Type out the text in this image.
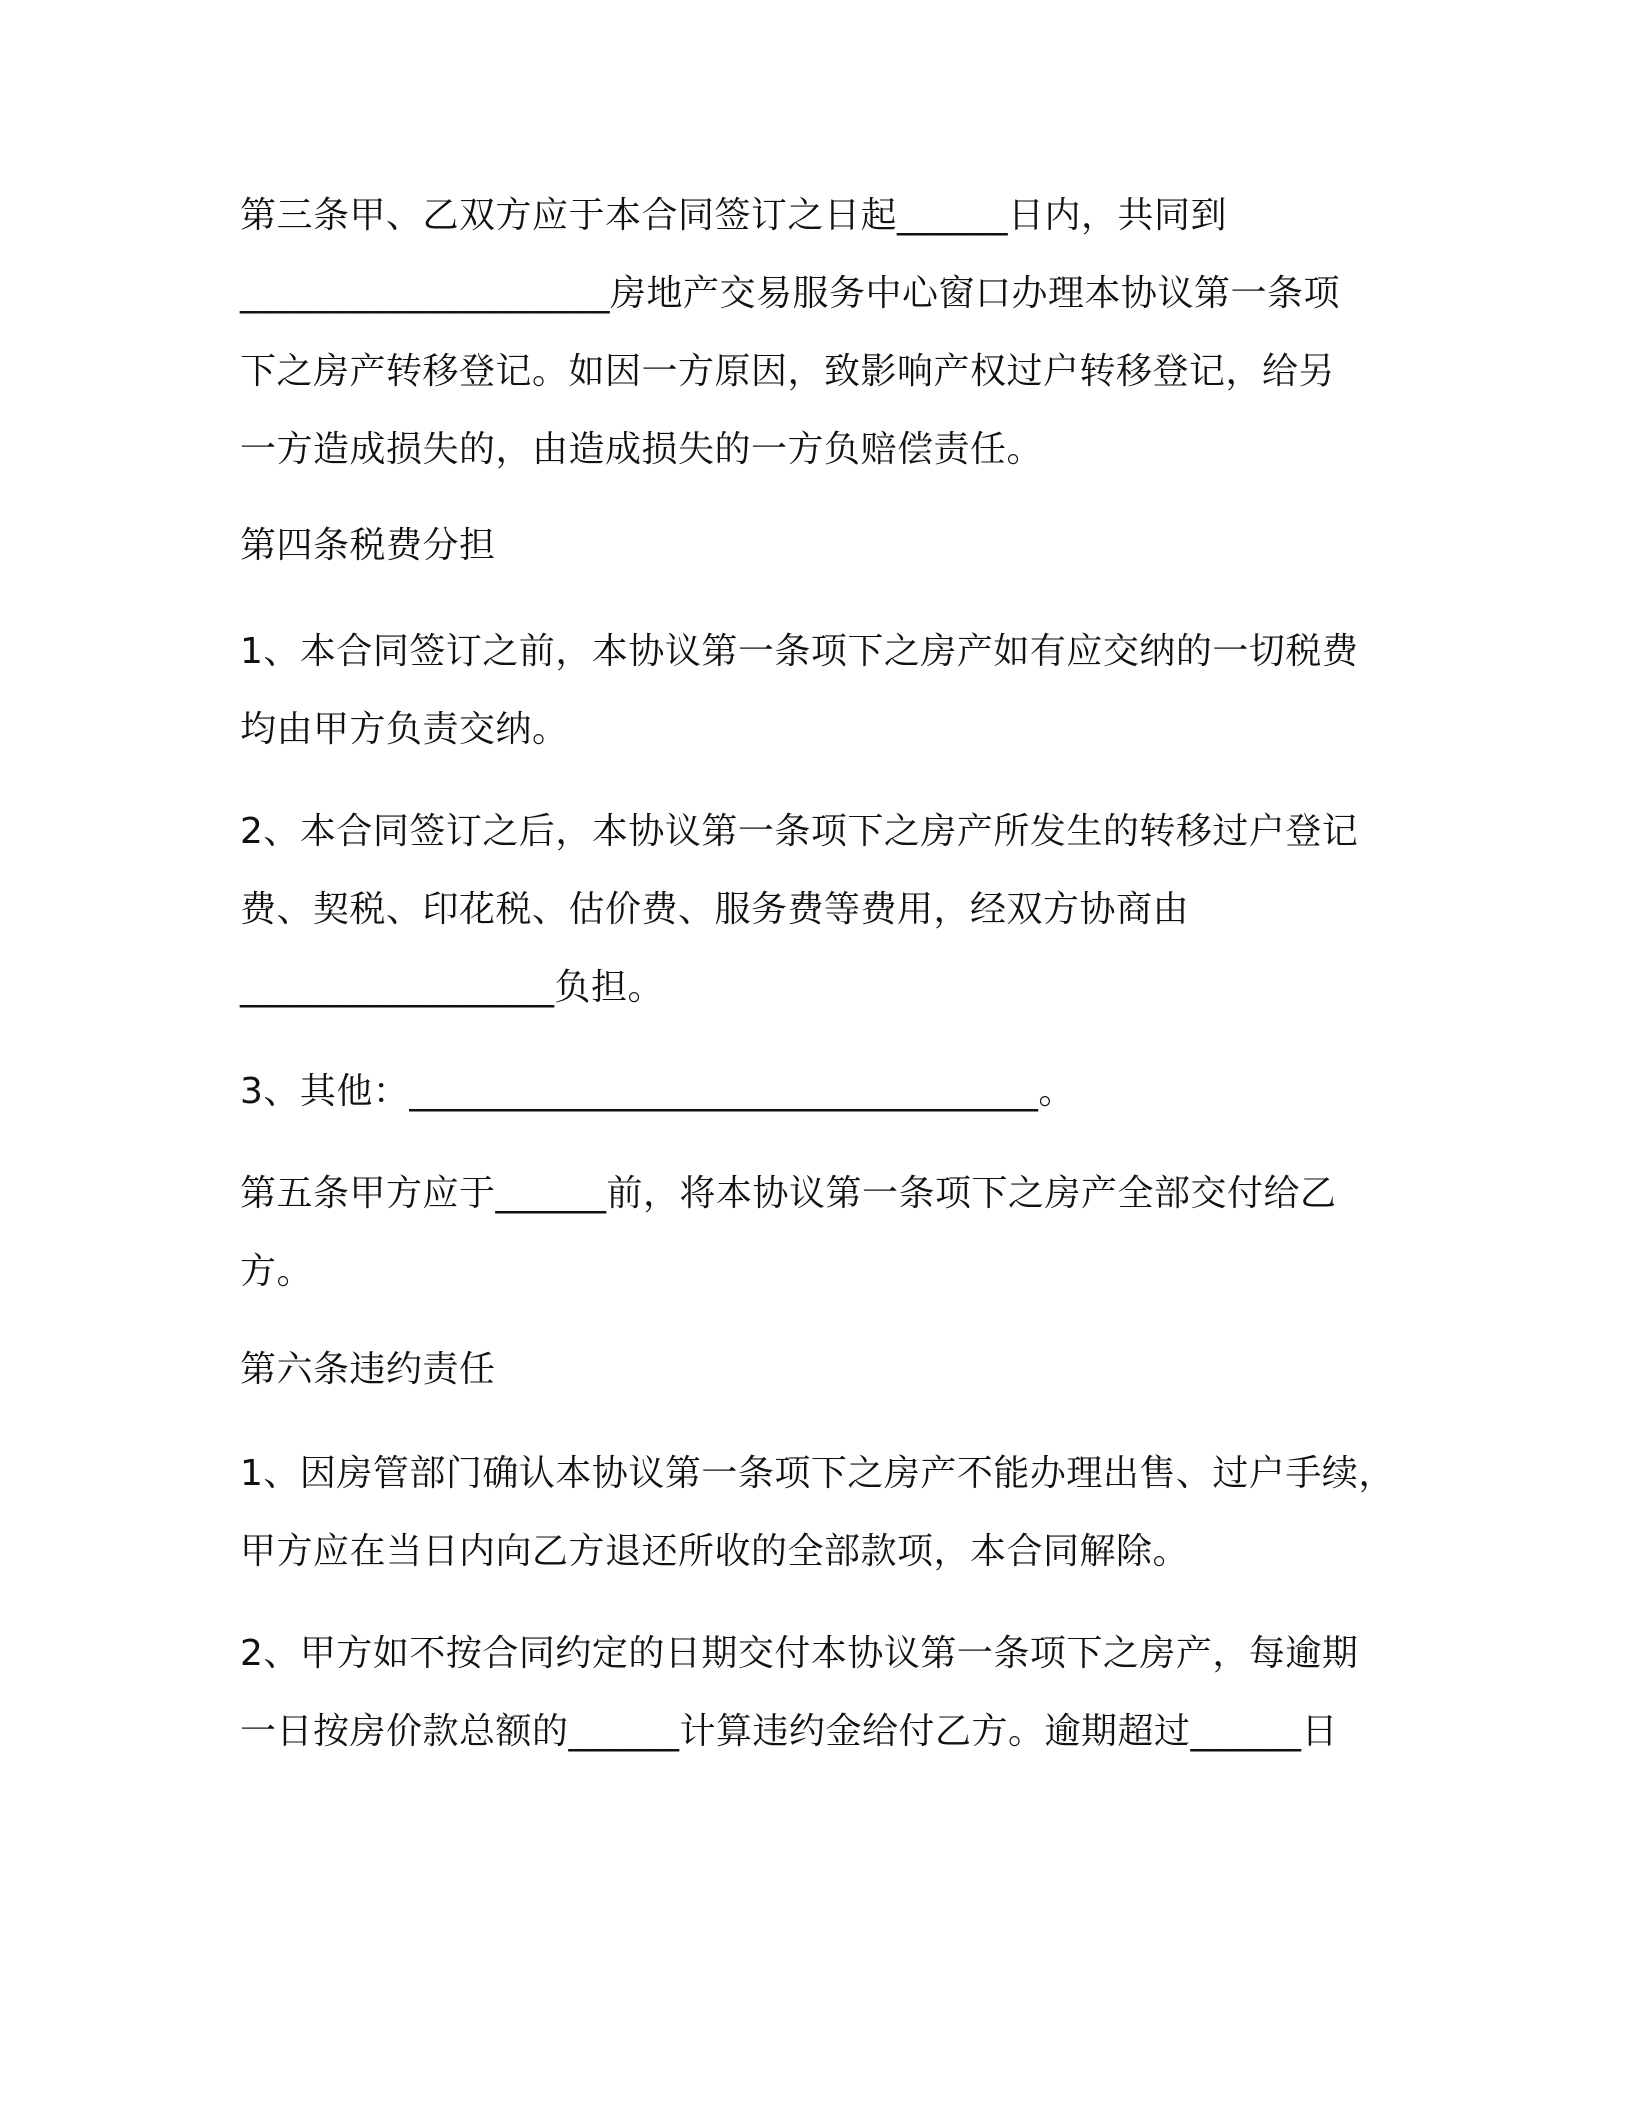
第三条甲、乙双方应于本合同签订之日起______日内，共同到
____________________房地产交易服务中心窗口办理本协议第一条项
下之房产转移登记。如因一方原因，致影响产权过户转移登记，给另
一方造成损失的，由造成损失的一方负赔偿责任。
第四条税费分担
1、本合同签订之前，本协议第一条项下之房产如有应交纳的一切税费
均由甲方负责交纳。
2、本合同签订之后，本协议第一条项下之房产所发生的转移过户登记
费、契税、印花税、估价费、服务费等费用，经双方协商由
_________________负担。
3、其他：__________________________________。
第五条甲方应于______前，将本协议第一条项下之房产全部交付给乙
方。
第六条违约责任
1、因房管部门确认本协议第一条项下之房产不能办理出售、过户手续，
甲方应在当日内向乙方退还所收的全部款项，本合同解除。
2、甲方如不按合同约定的日期交付本协议第一条项下之房产，每逾期
一日按房价款总额的______计算违约金给付乙方。逾期超过______日
